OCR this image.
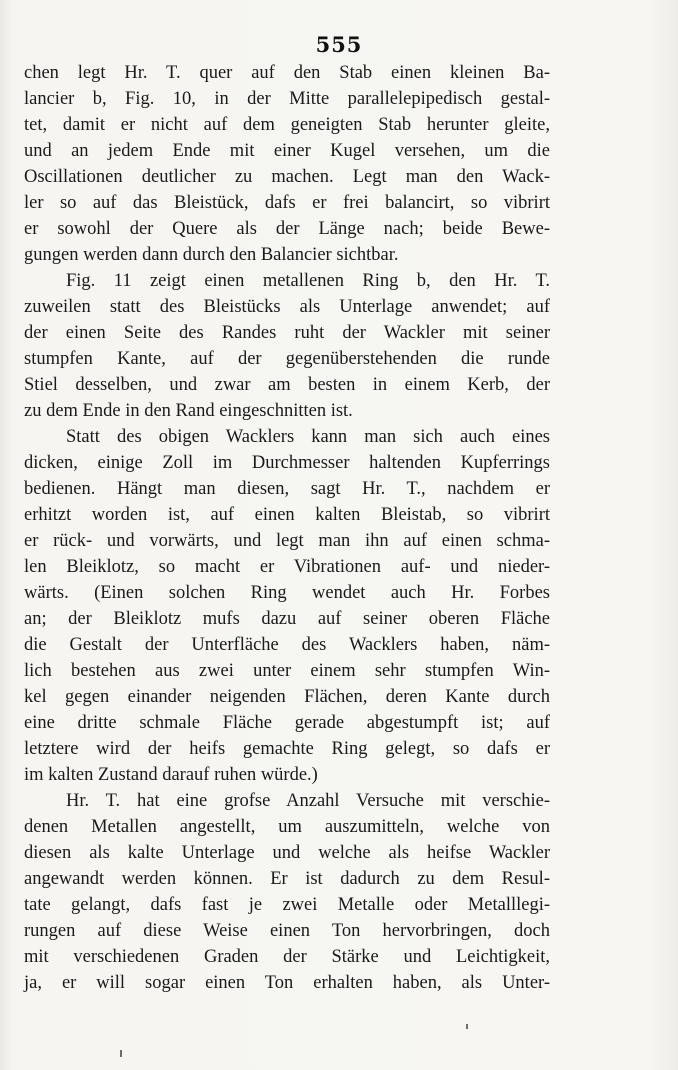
555
chen legt Hr. T. quer auf den Stab einen kleinen Ba-
lancier b, Fig. 10, in der Mitte parallelepipedisch gestal-
tet, damit er nicht auf dem geneigten Stab herunter gleite,
und an jedem Ende mit einer Kugel versehen, um die
Oscillationen deutlicher zu machen. Legt man den Wack-
ler so auf das Bleistück, dafs er frei balancirt, so vibrirt
er sowohl der Quere als der Länge nach; beide Bewe-
gungen werden dann durch den Balancier sichtbar.
Fig. 11 zeigt einen metallenen Ring b, den Hr. T.
zuweilen statt des Bleistücks als Unterlage anwendet; auf
der einen Seite des Randes ruht der Wackler mit seiner
stumpfen Kante, auf der gegenüberstehenden die runde
Stiel desselben, und zwar am besten in einem Kerb, der
zu dem Ende in den Rand eingeschnitten ist.
Statt des obigen Wacklers kann man sich auch eines
dicken, einige Zoll im Durchmesser haltenden Kupferrings
bedienen. Hängt man diesen, sagt Hr. T., nachdem er
erhitzt worden ist, auf einen kalten Bleistab, so vibrirt
er rück- und vorwärts, und legt man ihn auf einen schma-
len Bleiklotz, so macht er Vibrationen auf- und nieder-
wärts. (Einen solchen Ring wendet auch Hr. Forbes
an; der Bleiklotz mufs dazu auf seiner oberen Fläche
die Gestalt der Unterfläche des Wacklers haben, näm-
lich bestehen aus zwei unter einem sehr stumpfen Win-
kel gegen einander neigenden Flächen, deren Kante durch
eine dritte schmale Fläche gerade abgestumpft ist; auf
letztere wird der heifs gemachte Ring gelegt, so dafs er
im kalten Zustand darauf ruhen würde.)
Hr. T. hat eine grofse Anzahl Versuche mit verschie-
denen Metallen angestellt, um auszumitteln, welche von
diesen als kalte Unterlage und welche als heifse Wackler
angewandt werden können. Er ist dadurch zu dem Resul-
tate gelangt, dafs fast je zwei Metalle oder Metalllegi-
rungen auf diese Weise einen Ton hervorbringen, doch
mit verschiedenen Graden der Stärke und Leichtigkeit,
ja, er will sogar einen Ton erhalten haben, als Unter-
